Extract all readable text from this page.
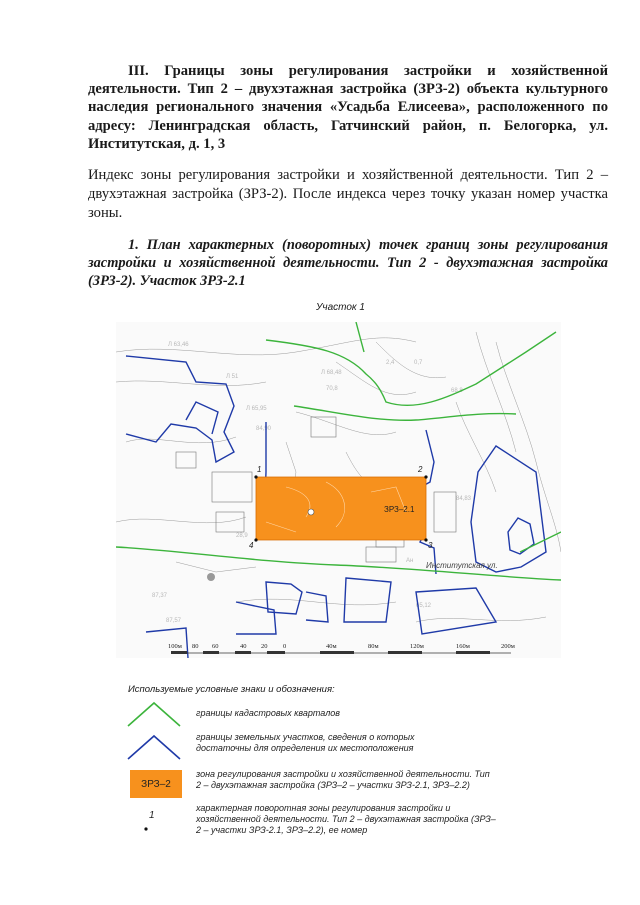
III. Границы зоны регулирования застройки и хозяйственной деятельности. Тип 2 – двухэтажная застройка (ЗРЗ-2) объекта культурного наследия регионального значения «Усадьба Елисеева», расположенного по адресу: Ленинградская область, Гатчинский район, п. Белогорка, ул. Институтская, д. 1, 3
Индекс зоны регулирования застройки и хозяйственной деятельности. Тип 2 – двухэтажная застройка (ЗРЗ-2). После индекса через точку указан номер участка зоны.
1. План характерных (поворотных) точек границ зоны регулирования застройки и хозяйственной деятельности. Тип 2 - двухэтажная застройка (ЗРЗ-2). Участок ЗРЗ-2.1
Участок 1
Л 63,46
Л 51
Л 65,95
Л 68,48
70,8
2,4	0,7
68,8
84,90
28,9
Ан
65,12
87,57
87,37
84,83
Институтская ул.
ЗРЗ–2.1
1	2
3
4
100м 80 60	40 20 0	40м	80м	120м	160м	200м
Используемые условные знаки и обозначения:
границы кадастровых кварталов
границы земельных участков, сведения о которых достаточны для определения их местоположения
ЗРЗ–2
зона регулирования застройки и хозяйственной деятельности. Тип 2 – двухэтажная застройка (ЗРЗ–2 – участки ЗРЗ-2.1, ЗРЗ–2.2)
1
характерная поворотная зоны регулирования застройки и хозяйственной деятельности. Тип 2 – двухэтажная застройка (ЗРЗ–2 – участки ЗРЗ-2.1, ЗРЗ–2.2), ее номер
